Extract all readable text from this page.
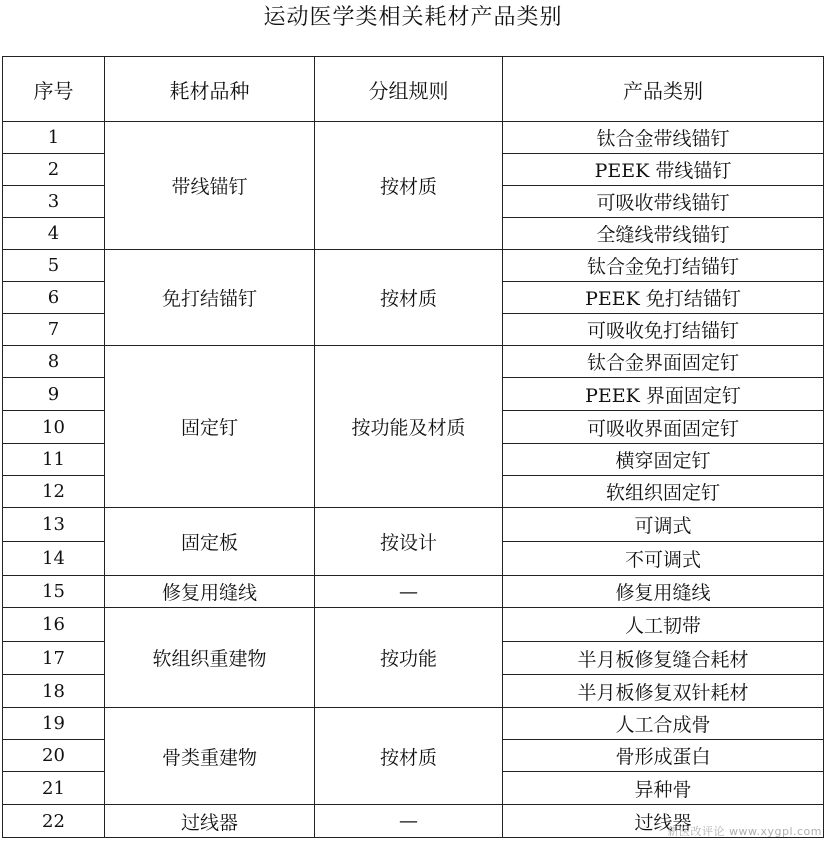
运动医学类相关耗材产品类别
序号	耗材品种	分组规则	产品类别
1	带线锚钉	按材质	钛合金带线锚钉
2			PEEK 带线锚钉
3			可吸收带线锚钉
4			全缝线带线锚钉
5	免打结锚钉	按材质	钛合金免打结锚钉
6			PEEK 免打结锚钉
7			可吸收免打结锚钉
8	固定钉	按功能及材质	钛合金界面固定钉
9			PEEK 界面固定钉
10			可吸收界面固定钉
11			横穿固定钉
12			软组织固定钉
13	固定板	按设计	可调式
14			不可调式
15	修复用缝线	—	修复用缝线
16	软组织重建物	按功能	人工韧带
17			半月板修复缝合耗材
18			半月板修复双针耗材
19	骨类重建物	按材质	人工合成骨
20			骨形成蛋白
21			异种骨
22	过线器	—	过线器
新医改评论 www.xygpl.com
